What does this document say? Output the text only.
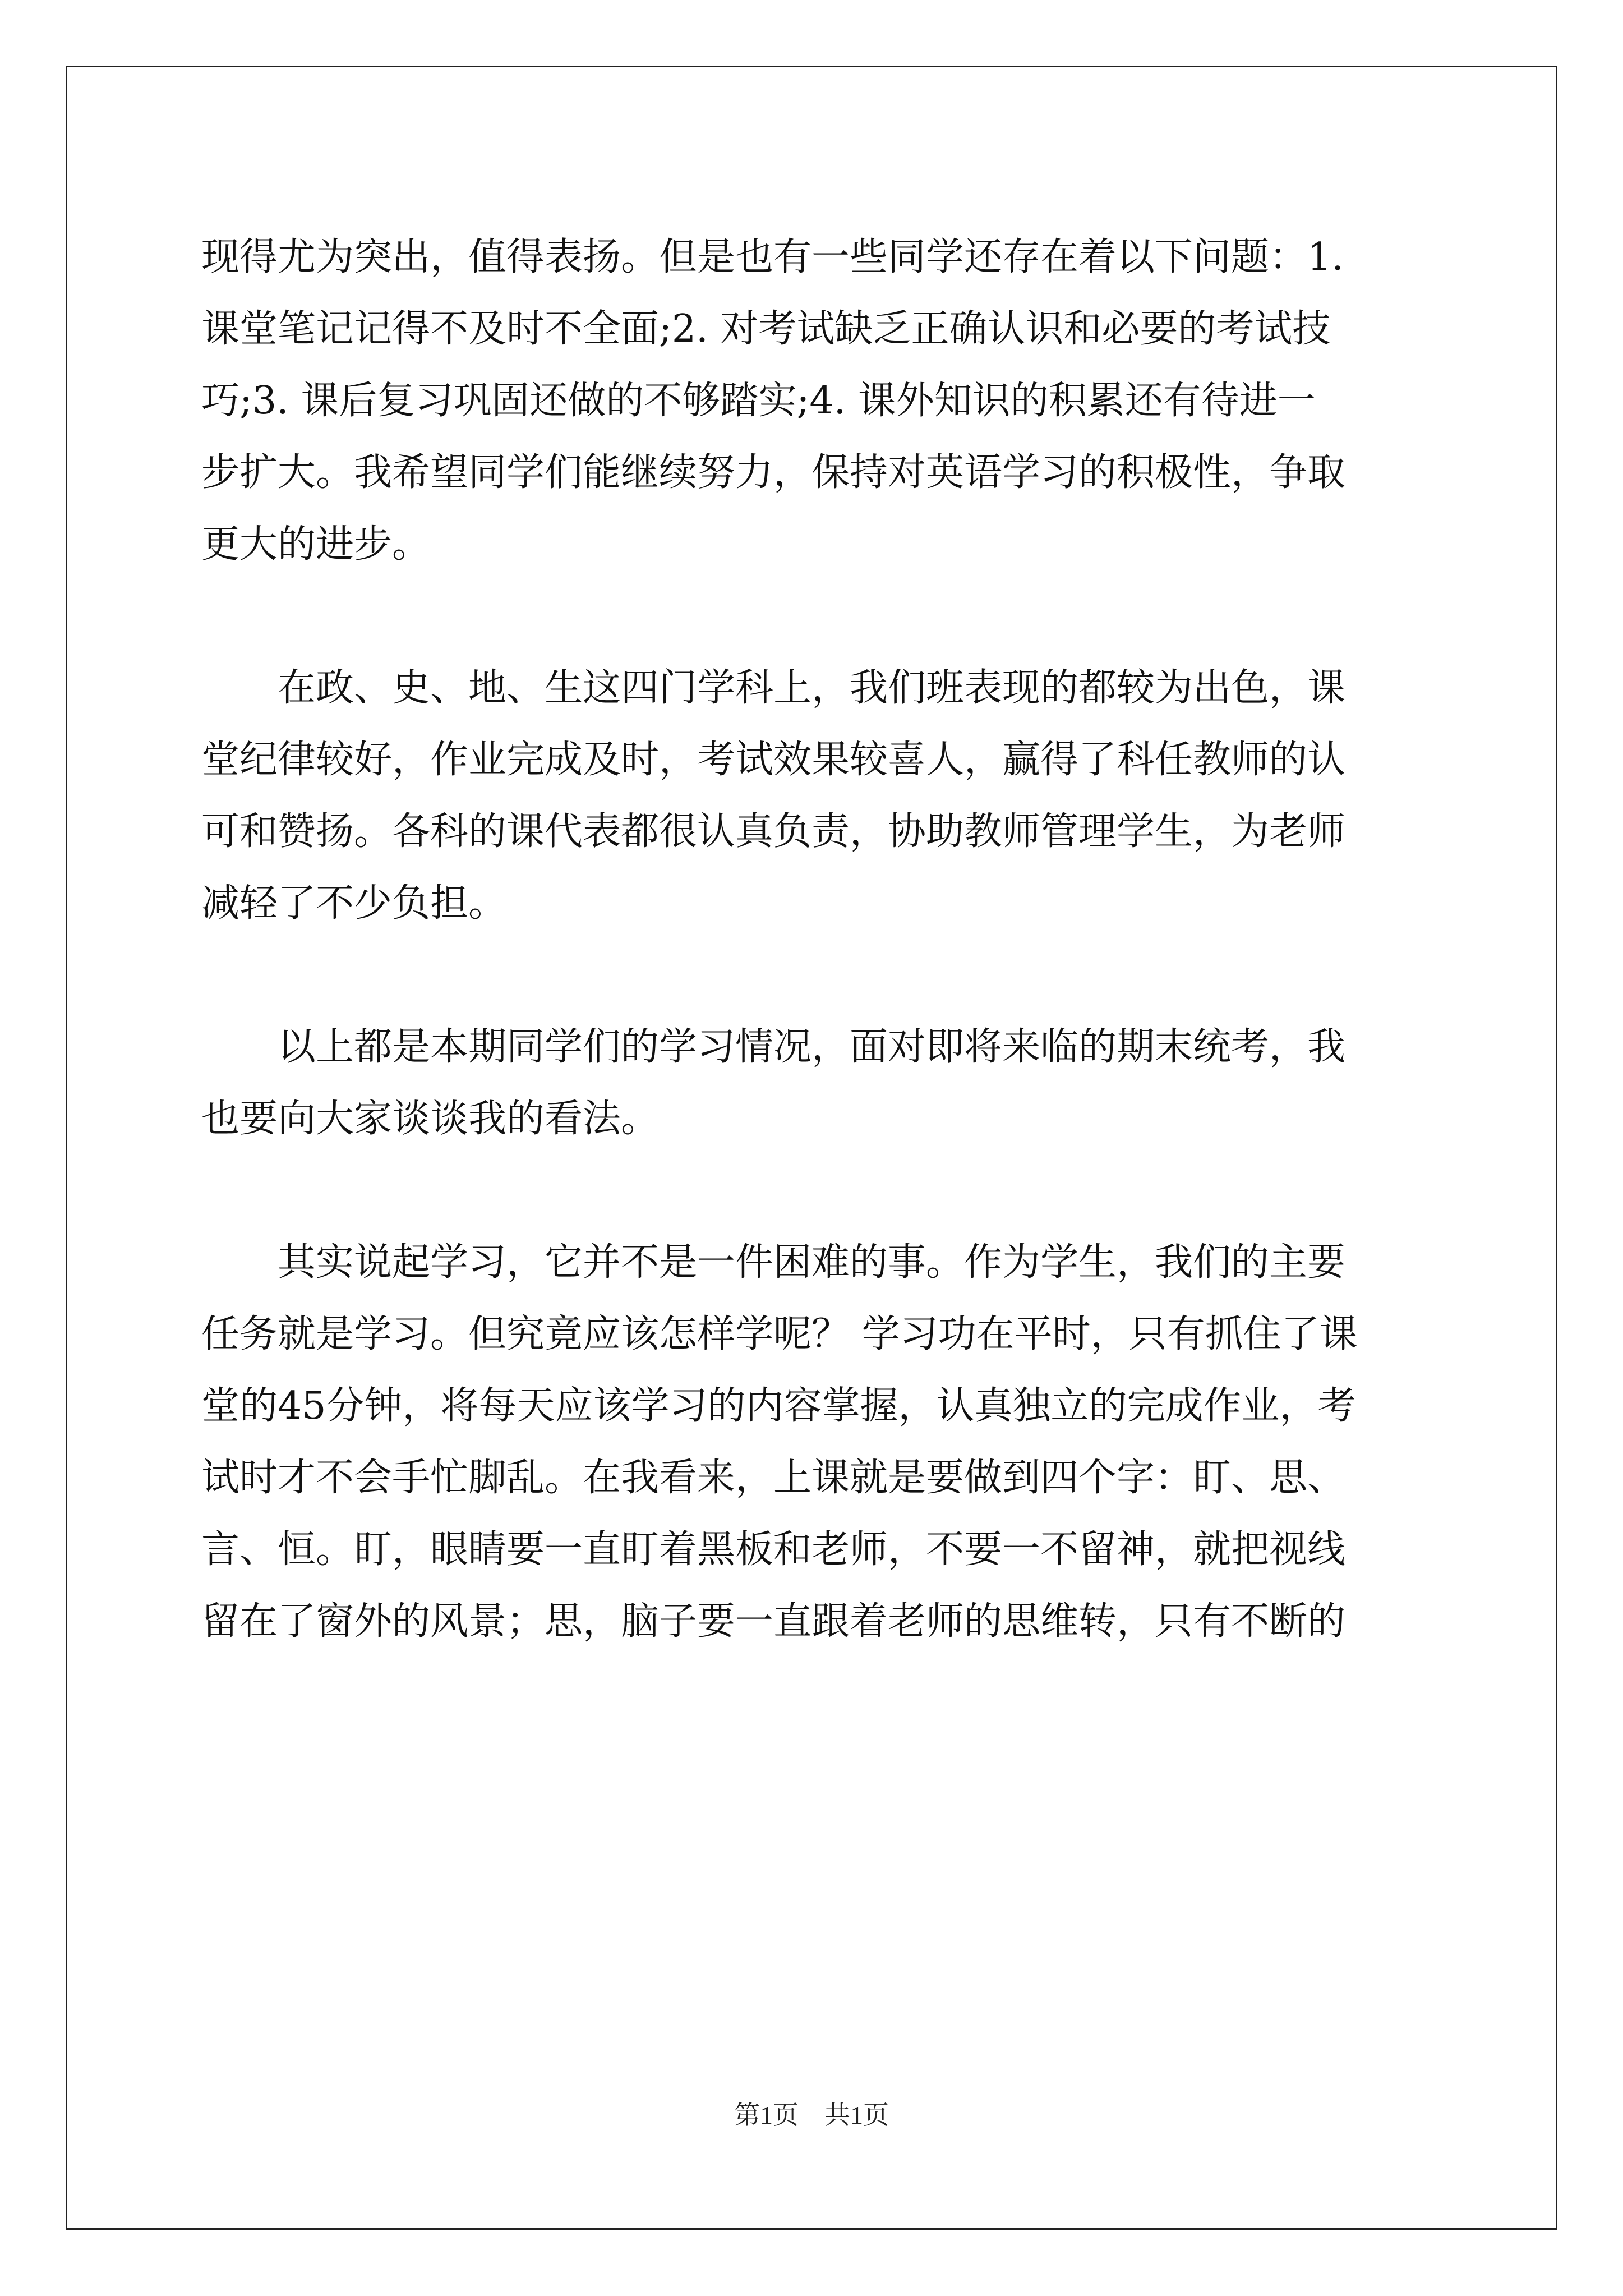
现得尤为突出，值得表扬。但是也有一些同学还存在着以下问题：1.
课堂笔记记得不及时不全面;2. 对考试缺乏正确认识和必要的考试技
巧;3. 课后复习巩固还做的不够踏实;4. 课外知识的积累还有待进一
步扩大。我希望同学们能继续努力，保持对英语学习的积极性，争取
更大的进步。
在政、史、地、生这四门学科上，我们班表现的都较为出色，课
堂纪律较好，作业完成及时，考试效果较喜人，赢得了科任教师的认
可和赞扬。各科的课代表都很认真负责，协助教师管理学生，为老师
减轻了不少负担。
以上都是本期同学们的学习情况，面对即将来临的期末统考，我
也要向大家谈谈我的看法。
其实说起学习，它并不是一件困难的事。作为学生，我们的主要
任务就是学习。但究竟应该怎样学呢？ 学习功在平时，只有抓住了课
堂的45分钟，将每天应该学习的内容掌握，认真独立的完成作业，考
试时才不会手忙脚乱。在我看来，上课就是要做到四个字：盯、思、
言、恒。盯，眼睛要一直盯着黑板和老师，不要一不留神，就把视线
留在了窗外的风景；思，脑子要一直跟着老师的思维转，只有不断的
第1页　共1页
